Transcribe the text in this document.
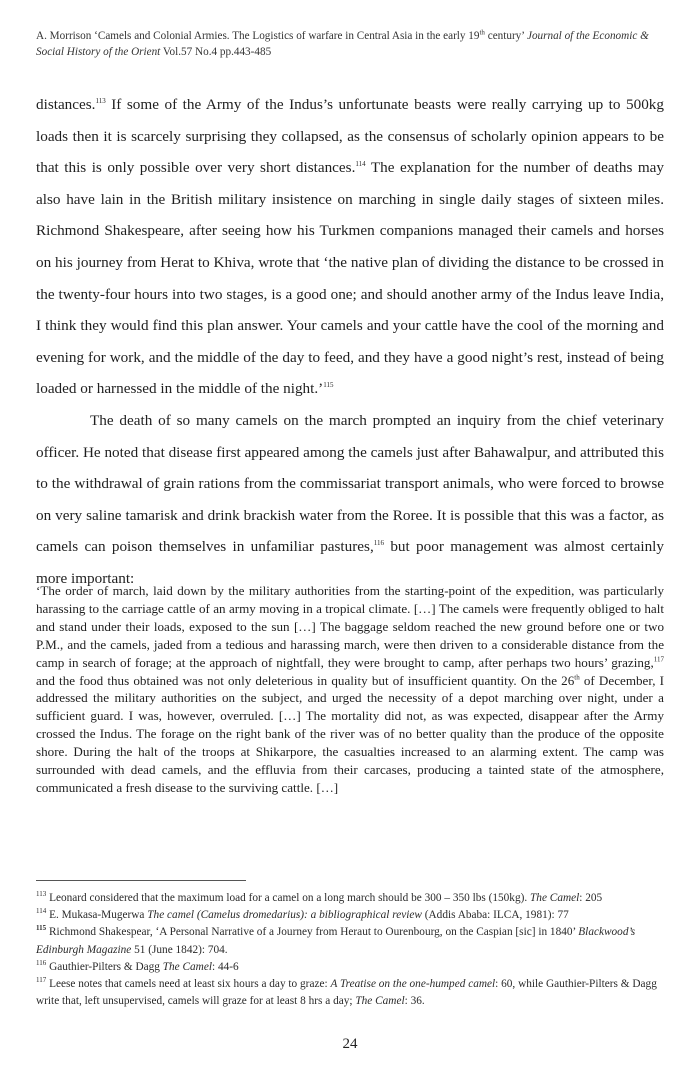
A. Morrison ‘Camels and Colonial Armies. The Logistics of warfare in Central Asia in the early 19th century’ Journal of the Economic & Social History of the Orient Vol.57 No.4 pp.443-485

distances.$^{113}$ If some of the Army of the Indus’s unfortunate beasts were really carrying up to 500kg loads then it is scarcely surprising they collapsed, as the consensus of scholarly opinion appears to be that this is only possible over very short distances.$^{114}$ The explanation for the number of deaths may also have lain in the British military insistence on marching in single daily stages of sixteen miles. Richmond Shakespeare, after seeing how his Turkmen companions managed their camels and horses on his journey from Herat to Khiva, wrote that ‘the native plan of dividing the distance to be crossed in the twenty-four hours into two stages, is a good one; and should another army of the Indus leave India, I think they would find this plan answer. Your camels and your cattle have the cool of the morning and evening for work, and the middle of the day to feed, and they have a good night’s rest, instead of being loaded or harnessed in the middle of the night.’$^{115}$

The death of so many camels on the march prompted an inquiry from the chief veterinary officer. He noted that disease first appeared among the camels just after Bahawalpur, and attributed this to the withdrawal of grain rations from the commissariat transport animals, who were forced to browse on very saline tamarisk and drink brackish water from the Roree. It is possible that this was a factor, as camels can poison themselves in unfamiliar pastures,$^{116}$ but poor management was almost certainly more important:

‘The order of march, laid down by the military authorities from the starting-point of the expedition, was particularly harassing to the carriage cattle of an army moving in a tropical climate. […] The camels were frequently obliged to halt and stand under their loads, exposed to the sun […] The baggage seldom reached the new ground before one or two P.M., and the camels, jaded from a tedious and harassing march, were then driven to a considerable distance from the camp in search of forage; at the approach of nightfall, they were brought to camp, after perhaps two hours’ grazing,$^{117}$ and the food thus obtained was not only deleterious in quality but of insufficient quantity. On the 26th of December, I addressed the military authorities on the subject, and urged the necessity of a depot marching over night, under a sufficient guard. I was, however, overruled. […] The mortality did not, as was expected, disappear after the Army crossed the Indus. The forage on the right bank of the river was of no better quality than the produce of the opposite shore. During the halt of the troops at Shikarpore, the casualties increased to an alarming extent. The camp was surrounded with dead camels, and the effluvia from their carcases, producing a tainted state of the atmosphere, communicated a fresh disease to the surviving cattle. […]

$^{113}$ Leonard considered that the maximum load for a camel on a long march should be 300 – 350 lbs (150kg). The Camel: 205

$^{114}$ E. Mukasa-Mugerwa The camel (Camelus dromedarius): a bibliographical review (Addis Ababa: ILCA, 1981): 77

$^{115}$ Richmond Shakespear, ‘A Personal Narrative of a Journey from Heraut to Ourenbourg, on the Caspian [sic] in 1840’ Blackwood’s Edinburgh Magazine 51 (June 1842): 704.

$^{116}$ Gauthier-Pilters & Dagg The Camel: 44-6

$^{117}$ Leese notes that camels need at least six hours a day to graze: A Treatise on the one-humped camel: 60, while Gauthier-Pilters & Dagg write that, left unsupervised, camels will graze for at least 8 hrs a day; The Camel: 36.

24
